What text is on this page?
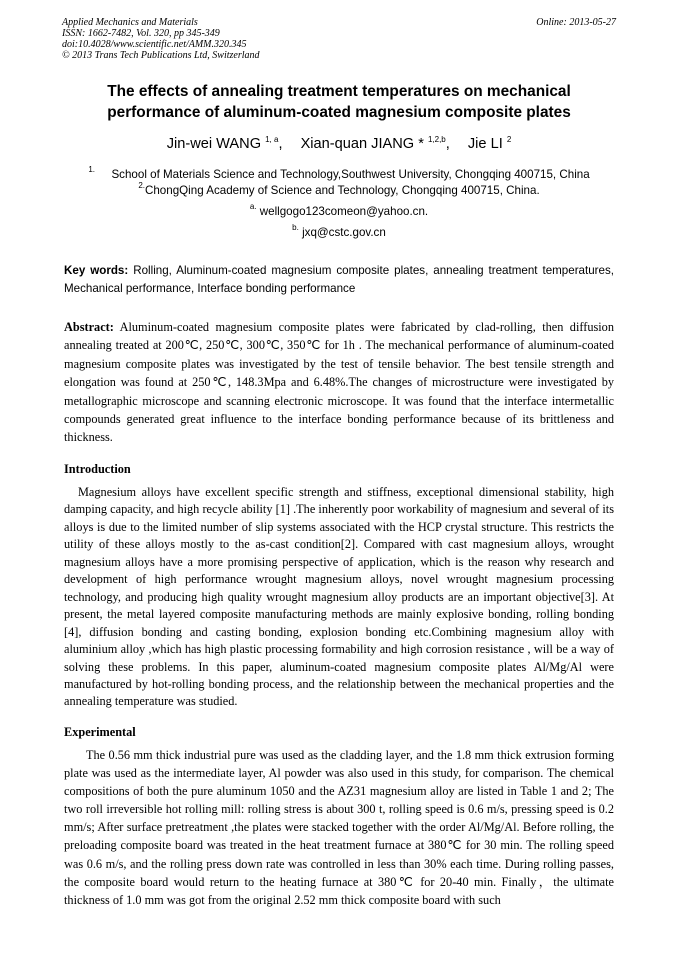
Applied Mechanics and Materials
ISSN: 1662-7482, Vol. 320, pp 345-349
doi:10.4028/www.scientific.net/AMM.320.345
© 2013 Trans Tech Publications Ltd, Switzerland
Online: 2013-05-27
The effects of annealing treatment temperatures on mechanical
performance of aluminum-coated magnesium composite plates
Jin-wei WANG $^{1, a}$, Xian-quan JIANG * $^{1,2,b}$, Jie LI $^2$
$^{1.}$ School of Materials Science and Technology,Southwest University, Chongqing 400715, China
$^{2.}$ChongQing Academy of Science and Technology, Chongqing 400715, China.
$^{a.}$ wellgogo123comeon@yahoo.cn.
$^{b.}$ jxq@cstc.gov.cn
Key words: Rolling, Aluminum-coated magnesium composite plates, annealing treatment temperatures, Mechanical performance, Interface bonding performance
Abstract: Aluminum-coated magnesium composite plates were fabricated by clad-rolling, then diffusion annealing treated at 200℃, 250℃, 300℃, 350℃ for 1h . The mechanical performance of aluminum-coated magnesium composite plates was investigated by the test of tensile behavior. The best tensile strength and elongation was found at 250℃, 148.3Mpa and 6.48%.The changes of microstructure were investigated by metallographic microscope and scanning electronic microscope. It was found that the interface intermetallic compounds generated great influence to the interface bonding performance because of its brittleness and thickness.
Introduction
Magnesium alloys have excellent specific strength and stiffness, exceptional dimensional stability, high damping capacity, and high recycle ability [1] .The inherently poor workability of magnesium and several of its alloys is due to the limited number of slip systems associated with the HCP crystal structure. This restricts the utility of these alloys mostly to the as-cast condition[2]. Compared with cast magnesium alloys, wrought magnesium alloys have a more promising perspective of application, which is the reason why research and development of high performance wrought magnesium alloys, novel wrought magnesium processing technology, and producing high quality wrought magnesium alloy products are an important objective[3]. At present, the metal layered composite manufacturing methods are mainly explosive bonding, rolling bonding [4], diffusion bonding and casting bonding, explosion bonding etc.Combining magnesium alloy with aluminium alloy ,which has high plastic processing formability and high corrosion resistance , will be a way of solving these problems. In this paper, aluminum-coated magnesium composite plates Al/Mg/Al were manufactured by hot-rolling bonding process, and the relationship between the mechanical properties and the annealing temperature was studied.
Experimental
The 0.56 mm thick industrial pure was used as the cladding layer, and the 1.8 mm thick extrusion forming plate was used as the intermediate layer, Al powder was also used in this study, for comparison. The chemical compositions of both the pure aluminum 1050 and the AZ31 magnesium alloy are listed in Table 1 and 2; The two roll irreversible hot rolling mill: rolling stress is about 300 t, rolling speed is 0.6 m/s, pressing speed is 0.2 mm/s; After surface pretreatment ,the plates were stacked together with the order Al/Mg/Al. Before rolling, the preloading composite board was treated in the heat treatment furnace at 380℃ for 30 min. The rolling speed was 0.6 m/s, and the rolling press down rate was controlled in less than 30% each time. During rolling passes, the composite board would return to the heating furnace at 380℃ for 20-40 min. Finally，the ultimate thickness of 1.0 mm was got from the original 2.52 mm thick composite board with such
